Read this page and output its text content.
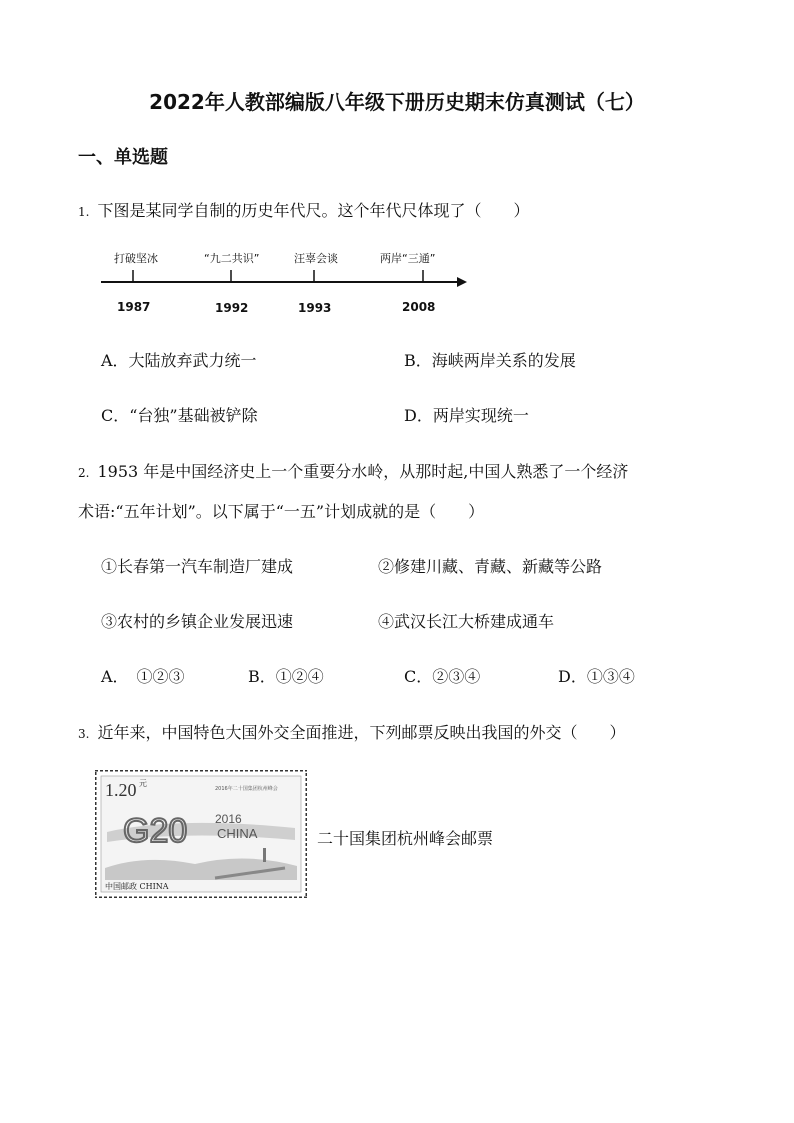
2022年人教部编版八年级下册历史期末仿真测试（七）
一、单选题
1. 下图是某同学自制的历史年代尺。这个年代尺体现了（　　）
打破坚冰	“九二共识”	汪辜会谈	两岸“三通”
1987	1992	1993	2008
A．大陆放弃武力统一	B．海峡两岸关系的发展
C．“台独”基础被铲除	D．两岸实现统一
2. 1953 年是中国经济史上一个重要分水岭，从那时起,中国人熟悉了一个经济
术语:“五年计划”。以下属于“一五”计划成就的是（　　）
①长春第一汽车制造厂建成	②修建川藏、青藏、新藏等公路
③农村的乡镇企业发展迅速	④武汉长江大桥建成通车
A．　①②③	B．①②④	C．②③④	D．①③④
3. 近年来，中国特色大国外交全面推进，下列邮票反映出我国的外交（　　）
1.20 元
2016年二十国集团杭州峰会
G20 2016
CHINA
中国邮政 CHINA
二十国集团杭州峰会邮票
